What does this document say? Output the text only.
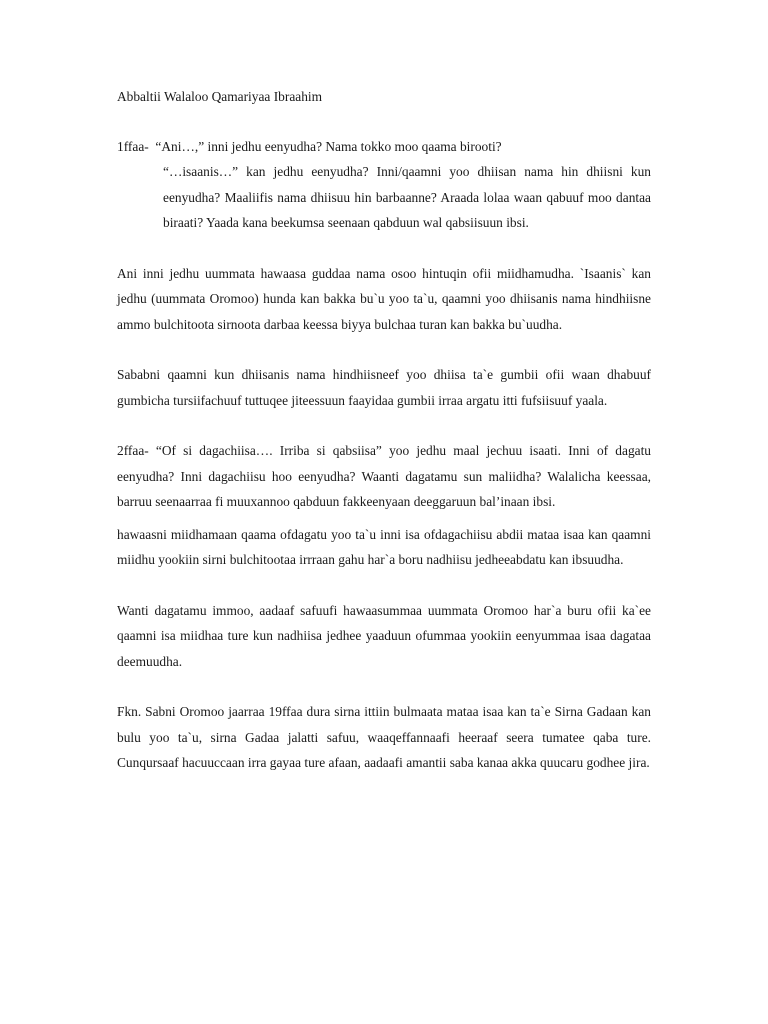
Abbaltii Walaloo Qamariyaa Ibraahim
1ffaa- “Ani…,” inni jedhu eenyudha? Nama tokko moo qaama birooti?
“…isaanis…” kan jedhu eenyudha? Inni/qaamni yoo dhiisan nama hin dhiisni kun eenyudha? Maaliifis nama dhiisuu hin barbaanne? Araada lolaa waan qabuuf moo dantaa biraati? Yaada kana beekumsa seenaan qabduun wal qabsiisuun ibsi.
Ani inni jedhu uummata hawaasa guddaa nama osoo hintuqin ofii miidhamudha. `Isaanis` kan jedhu (uummata Oromoo) hunda kan bakka bu`u yoo ta`u, qaamni yoo dhiisanis nama hindhiisne ammo bulchitoota sirnoota darbaa keessa biyya bulchaa turan kan bakka bu`uudha.
Sababni qaamni kun dhiisanis nama hindhiisneef yoo dhiisa ta`e gumbii ofii waan dhabuuf gumbicha tursiifachuuf tuttuqee jiteessuun faayidaa gumbii irraa argatu itti fufsiisuuf yaala.
2ffaa- “Of si dagachiisa…. Irriba si qabsiisa” yoo jedhu maal jechuu isaati. Inni of dagatu eenyudha? Inni dagachiisu hoo eenyudha? Waanti dagatamu sun maliidha? Walalicha keessaa, barruu seenaarraa fi muuxannoo qabduun fakkeenyaan deeggaruun bal’inaan ibsi.
hawaasni miidhamaan qaama ofdagatu yoo ta`u inni isa ofdagachiisu abdii mataa isaa kan qaamni miidhu yookiin sirni bulchitootaa irrraan gahu har`a boru nadhiisu jedheeabdatu kan ibsuudha.
Wanti dagatamu immoo, aadaaf safuufi hawaasummaa uummata Oromoo har`a buru ofii ka`ee qaamni isa miidhaa ture kun nadhiisa jedhee yaaduun ofummaa yookiin eenyummaa isaa dagataa deemuudha.
Fkn. Sabni Oromoo jaarraa 19ffaa dura sirna ittiin bulmaata mataa isaa kan ta`e Sirna Gadaan kan bulu yoo ta`u, sirna Gadaa jalatti safuu, waaqeffannaafi heeraaf seera tumatee qaba ture. Cunqursaaf hacuuccaan irra gayaa ture afaan, aadaafi amantii saba kanaa akka quucaru godhee jira.
